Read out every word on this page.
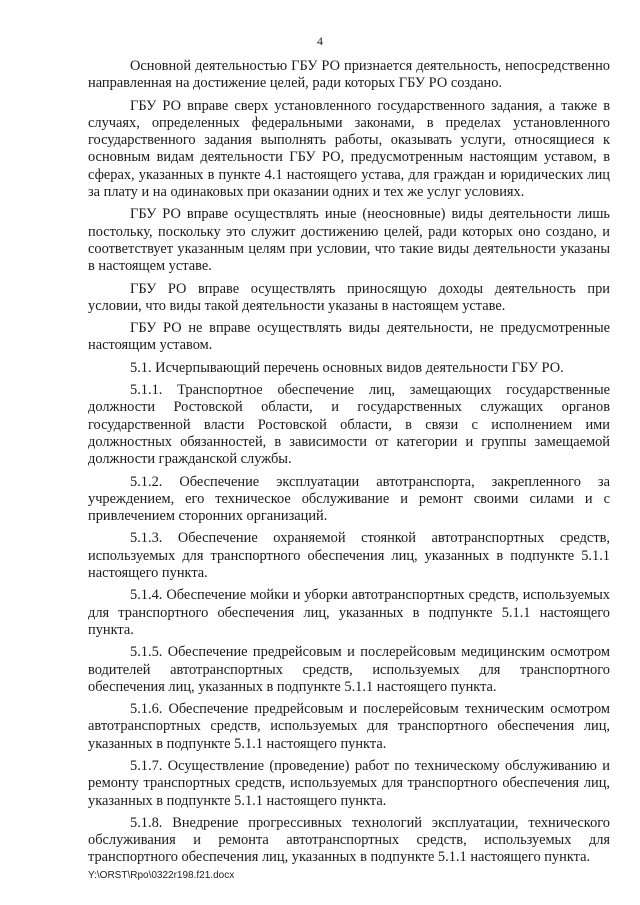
4

Основной деятельностью ГБУ РО признается деятельность, непосредственно направленная на достижение целей, ради которых ГБУ РО создано.

ГБУ РО вправе сверх установленного государственного задания, а также в случаях, определенных федеральными законами, в пределах установленного государственного задания выполнять работы, оказывать услуги, относящиеся к основным видам деятельности ГБУ РО, предусмотренным настоящим уставом, в сферах, указанных в пункте 4.1 настоящего устава, для граждан и юридических лиц за плату и на одинаковых при оказании одних и тех же услуг условиях.

ГБУ РО вправе осуществлять иные (неосновные) виды деятельности лишь постольку, поскольку это служит достижению целей, ради которых оно создано, и соответствует указанным целям при условии, что такие виды деятельности указаны в настоящем уставе.

ГБУ РО вправе осуществлять приносящую доходы деятельность при условии, что виды такой деятельности указаны в настоящем уставе.

ГБУ РО не вправе осуществлять виды деятельности, не предусмотренные настоящим уставом.

5.1. Исчерпывающий перечень основных видов деятельности ГБУ РО.

5.1.1. Транспортное обеспечение лиц, замещающих государственные должности Ростовской области, и государственных служащих органов государственной власти Ростовской области, в связи с исполнением ими должностных обязанностей, в зависимости от категории и группы замещаемой должности гражданской службы.

5.1.2. Обеспечение эксплуатации автотранспорта, закрепленного за учреждением, его техническое обслуживание и ремонт своими силами и с привлечением сторонних организаций.

5.1.3. Обеспечение охраняемой стоянкой автотранспортных средств, используемых для транспортного обеспечения лиц, указанных в подпункте 5.1.1 настоящего пункта.

5.1.4. Обеспечение мойки и уборки автотранспортных средств, используемых для транспортного обеспечения лиц, указанных в подпункте 5.1.1 настоящего пункта.

5.1.5. Обеспечение предрейсовым и послерейсовым медицинским осмотром водителей автотранспортных средств, используемых для транспортного обеспечения лиц, указанных в подпункте 5.1.1 настоящего пункта.

5.1.6. Обеспечение предрейсовым и послерейсовым техническим осмотром автотранспортных средств, используемых для транспортного обеспечения лиц, указанных в подпункте 5.1.1 настоящего пункта.

5.1.7. Осуществление (проведение) работ по техническому обслуживанию и ремонту транспортных средств, используемых для транспортного обеспечения лиц, указанных в подпункте 5.1.1 настоящего пункта.

5.1.8. Внедрение прогрессивных технологий эксплуатации, технического обслуживания и ремонта автотранспортных средств, используемых для транспортного обеспечения лиц, указанных в подпункте 5.1.1 настоящего пункта.

Y:\ORST\Rpo\0322r198.f21.docx
